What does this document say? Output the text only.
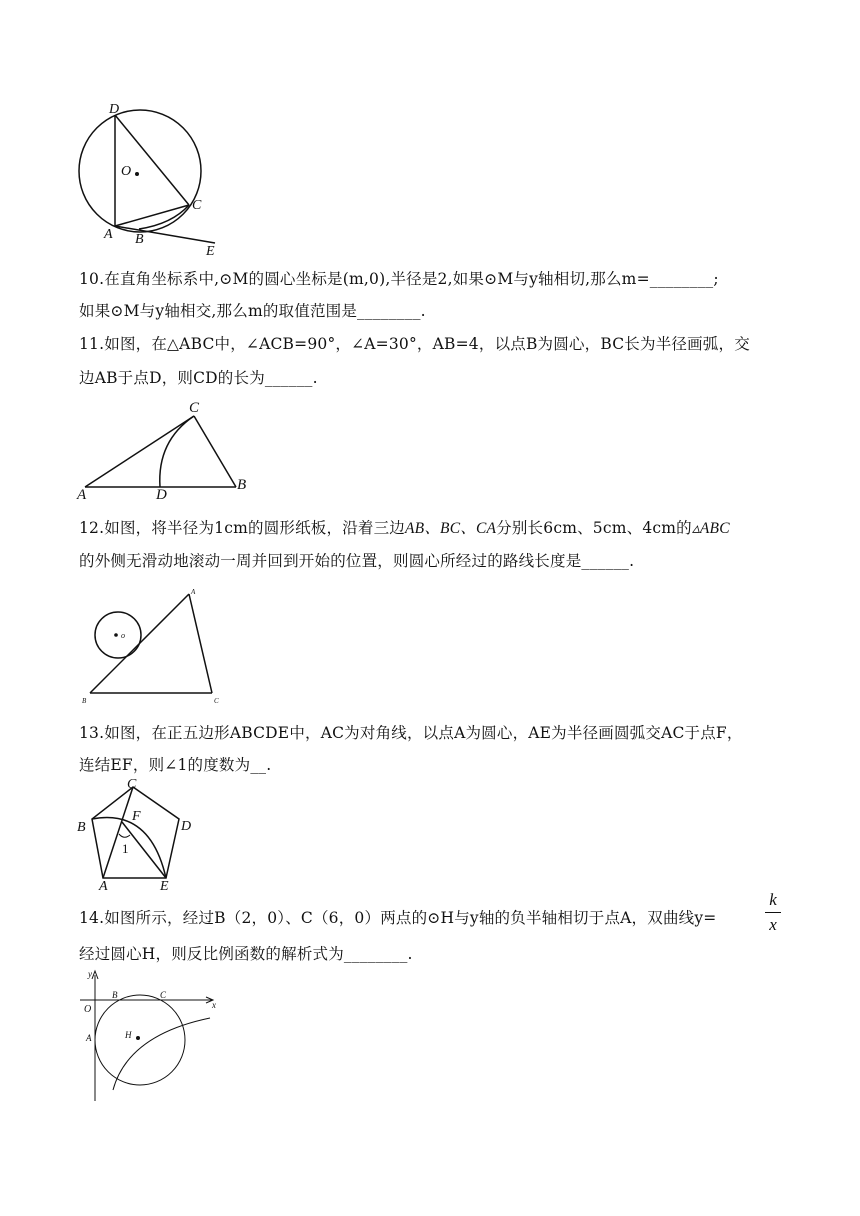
D
O
C
A B
E
10.在直角坐标系中,⊙M的圆心坐标是(m,0),半径是2,如果⊙M与y轴相切,那么m=________;
如果⊙M与y轴相交,那么m的取值范围是________.
11.如图，在△ABC中，∠ACB=90°，∠A=30°，AB=4，以点B为圆心，BC长为半径画弧，交
边AB于点D，则CD的长为______.
C
A	D
B
12.如图，将半径为1cm的圆形纸板，沿着三边AB、BC、CA分别长6cm、5cm、4cm的▵ABC
的外侧无滑动地滚动一周并回到开始的位置，则圆心所经过的路线长度是______.
A
o
B	C
13.如图，在正五边形ABCDE中，AC为对角线，以点A为圆心，AE为半径画圆弧交AC于点F，
连结EF，则∠1的度数为__.
C
B
F
D
1
A	E
14.如图所示，经过B（2，0）、C（6，0）两点的⊙H与y轴的负半轴相切于点A，双曲线y=
k
x
经过圆心H，则反比例函数的解析式为________.
y
O
B	C
x
A	H
